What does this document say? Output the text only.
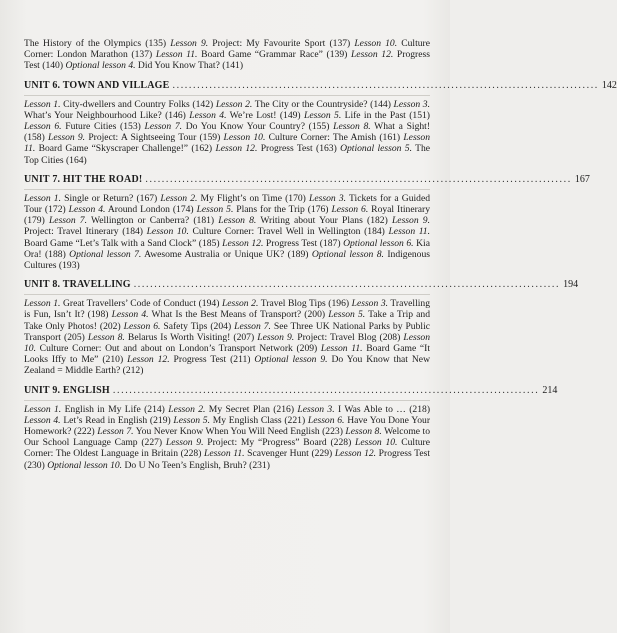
The History of the Olympics (135) Lesson 9. Project: My Favourite Sport (137) Lesson 10. Culture Corner: London Marathon (137) Lesson 11. Board Game “Grammar Race” (139) Lesson 12. Progress Test (140) Optional lesson 4. Did You Know That? (141)

UNIT 6. TOWN AND VILLAGE ........................................................................................................ 142

Lesson 1. City-dwellers and Country Folks (142) Lesson 2. The City or the Countryside? (144) Lesson 3. What’s Your Neighbourhood Like? (146) Lesson 4. We’re Lost! (149) Lesson 5. Life in the Past (151) Lesson 6. Future Cities (153) Lesson 7. Do You Know Your Country? (155) Lesson 8. What a Sight! (158) Lesson 9. Project: A Sightseeing Tour (159) Lesson 10. Culture Corner: The Amish (161) Lesson 11. Board Game “Skyscraper Challenge!” (162) Lesson 12. Progress Test (163) Optional lesson 5. The Top Cities (164)

UNIT 7. HIT THE ROAD! ........................................................................................................ 167

Lesson 1. Single or Return? (167) Lesson 2. My Flight’s on Time (170) Lesson 3. Tickets for a Guided Tour (172) Lesson 4. Around London (174) Lesson 5. Plans for the Trip (176) Lesson 6. Royal Itinerary (179) Lesson 7. Wellington or Canberra? (181) Lesson 8. Writing about Your Plans (182) Lesson 9. Project: Travel Itinerary (184) Lesson 10. Culture Corner: Travel Well in Wellington (184) Lesson 11. Board Game “Let’s Talk with a Sand Clock” (185) Lesson 12. Progress Test (187) Optional lesson 6. Kia Ora! (188) Optional lesson 7. Awesome Australia or Unique UK? (189) Optional lesson 8. Indigenous Cultures (193)

UNIT 8. TRAVELLING ........................................................................................................ 194

Lesson 1. Great Travellers’ Code of Conduct (194) Lesson 2. Travel Blog Tips (196) Lesson 3. Travelling is Fun, Isn’t It? (198) Lesson 4. What Is the Best Means of Transport? (200) Lesson 5. Take a Trip and Take Only Photos! (202) Lesson 6. Safety Tips (204) Lesson 7. See Three UK National Parks by Public Transport (205) Lesson 8. Belarus Is Worth Visiting! (207) Lesson 9. Project: Travel Blog (208) Lesson 10. Culture Corner: Out and about on London’s Transport Network (209) Lesson 11. Board Game “It Looks Iffy to Me” (210) Lesson 12. Progress Test (211) Optional lesson 9. Do You Know that New Zealand = Middle Earth? (212)

UNIT 9. ENGLISH ........................................................................................................ 214

Lesson 1. English in My Life (214) Lesson 2. My Secret Plan (216) Lesson 3. I Was Able to … (218) Lesson 4. Let’s Read in English (219) Lesson 5. My English Class (221) Lesson 6. Have You Done Your Homework? (222) Lesson 7. You Never Know When You Will Need English (223) Lesson 8. Welcome to Our School Language Camp (227) Lesson 9. Project: My “Progress” Board (228) Lesson 10. Culture Corner: The Oldest Language in Britain (228) Lesson 11. Scavenger Hunt (229) Lesson 12. Progress Test (230) Optional lesson 10. Do U No Teen’s English, Bruh? (231)
